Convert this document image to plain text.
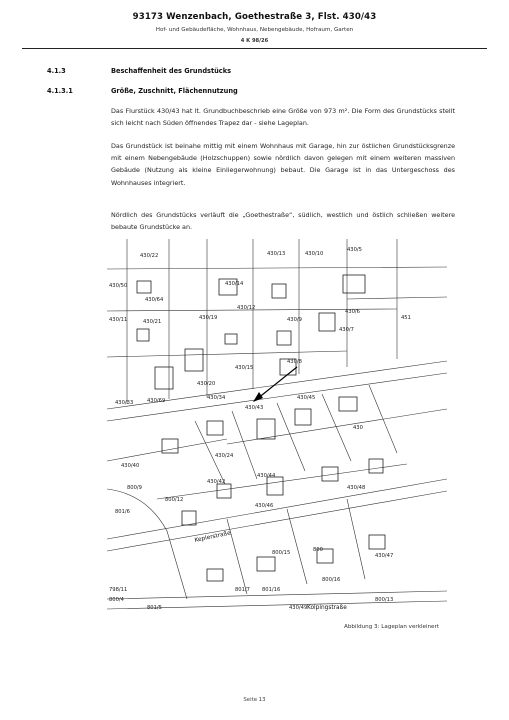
93173 Wenzenbach, Goethestraße 3, Flst. 430/43
Hof- und Gebäudefläche, Wohnhaus, Nebengebäude, Hofraum, Garten
4 K 98/26
4.1.3	Beschaffenheit des Grundstücks
4.1.3.1	Größe, Zuschnitt, Flächennutzung
Das Flurstück 430/43 hat lt. Grundbuchbeschrieb eine Größe von 973 m². Die Form des Grundstücks stellt sich leicht nach Süden öffnendes Trapez dar - siehe Lageplan.
Das Grundstück ist beinahe mittig mit einem Wohnhaus mit Garage, hin zur östlichen Grundstücksgrenze mit einem Nebengebäude (Holzschuppen) sowie nördlich davon gelegen mit einem weiteren massiven Gebäude (Nutzung als kleine Einliegerwohnung) bebaut. Die Garage ist in das Untergeschoss des Wohnhauses integriert.
Nördlich des Grundstücks verläuft die „Goethestraße“, südlich, westlich und östlich schließen weitere bebaute Grundstücke an.
430/22	430/13	430/10
430/5
430/50
430/64
430/14
430/6
451
430/21
430/19
430/12
430/9
430/7
430/11
430/8
430/15
430/20
430/33	430/69	430/34
430/43
430/45
430
430/40
430/24
430/44
800/9
430/42
430/48
800/12
801/6
430/46
800/15	800
430/47
801/7 801/16
800/16
801/5	430/49
800/13
800/4
798/11
Keplerstraße
Kolpingstraße
Abbildung 3: Lageplan verkleinert
Seite 13
